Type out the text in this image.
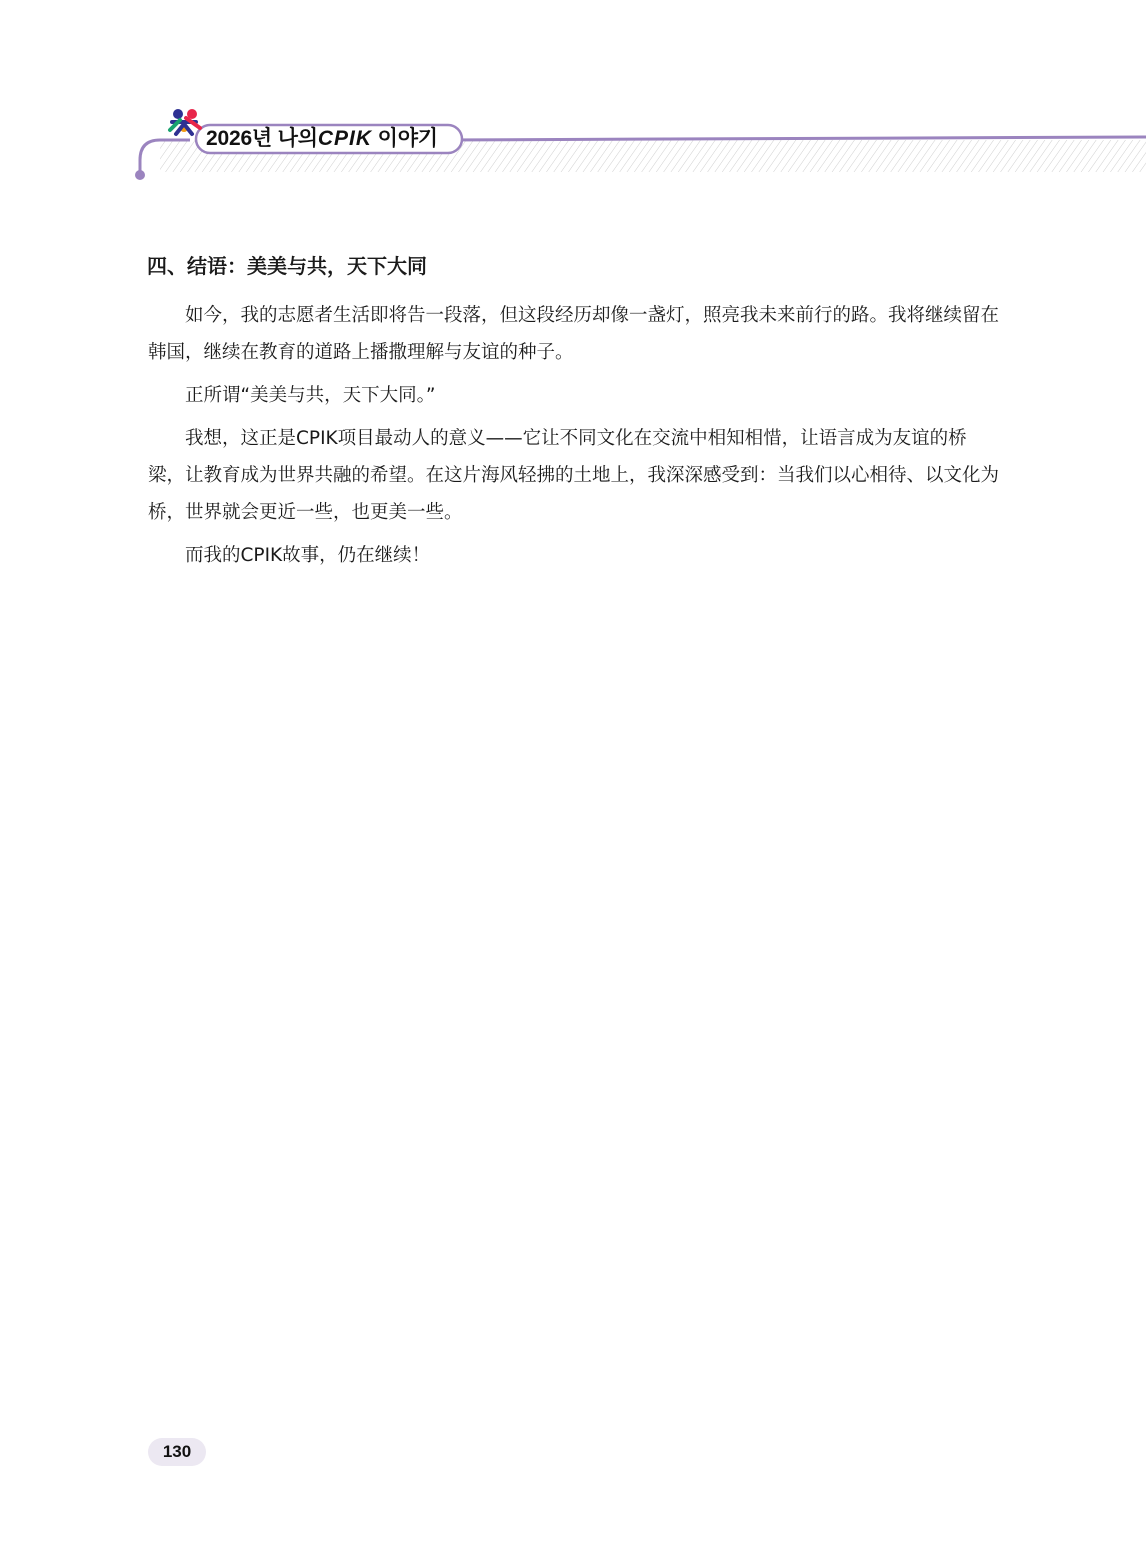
2026년 나의CPIK 이야기
四、结语：美美与共，天下大同

如今，我的志愿者生活即将告一段落，但这段经历却像一盏灯，照亮我未来前行的路。我将继续留在韩国，继续在教育的道路上播撒理解与友谊的种子。

正所谓“美美与共，天下大同。”

我想，这正是CPIK项目最动人的意义——它让不同文化在交流中相知相惜，让语言成为友谊的桥梁，让教育成为世界共融的希望。在这片海风轻拂的土地上，我深深感受到：当我们以心相待、以文化为桥，世界就会更近一些，也更美一些。

而我的CPIK故事，仍在继续！

130
